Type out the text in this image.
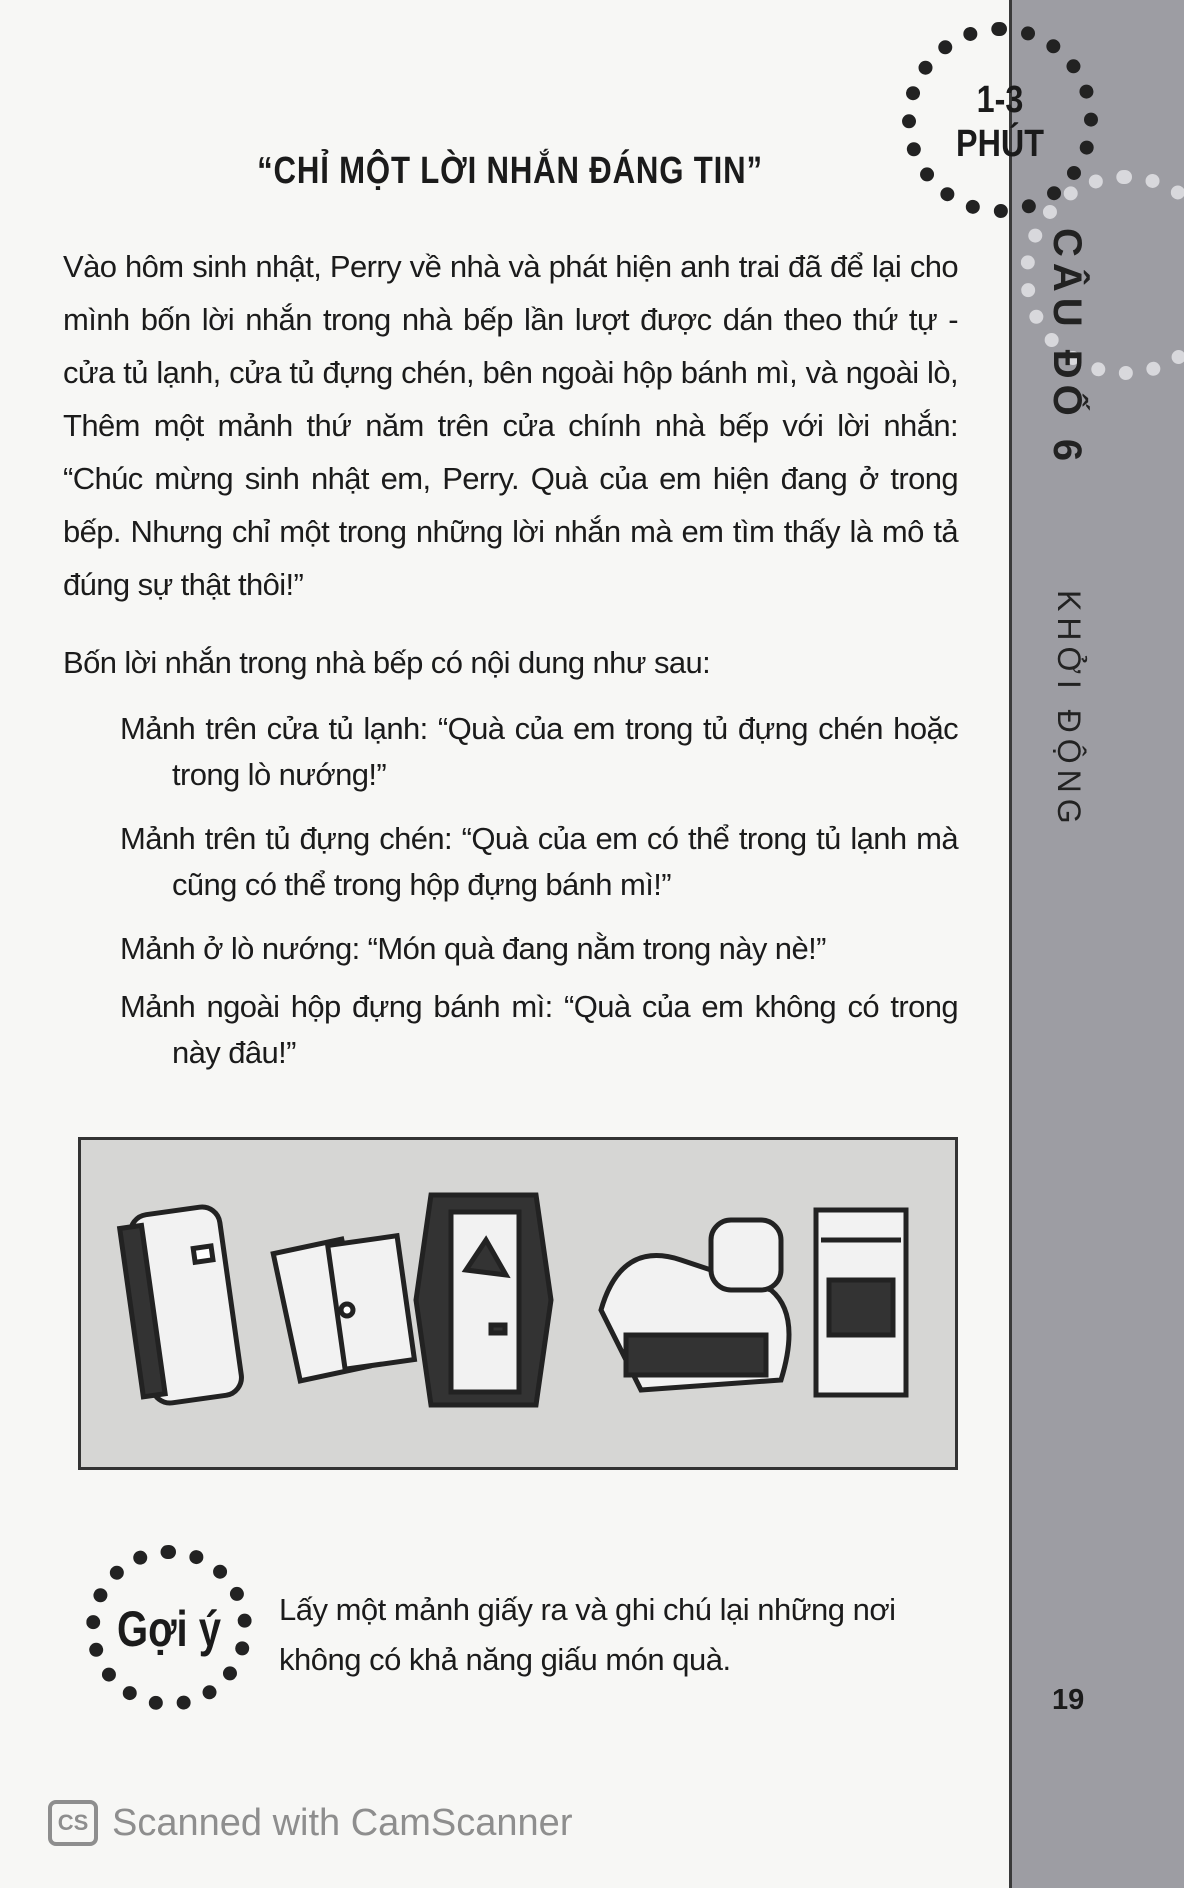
1-3
PHÚT
CÂU ĐỐ 6
KHỞI ĐỘNG
“CHỈ MỘT LỜI NHẮN ĐÁNG TIN”
Vào hôm sinh nhật, Perry về nhà và phát hiện anh trai đã để lại cho mình bốn lời nhắn trong nhà bếp lần lượt được dán theo thứ tự - cửa tủ lạnh, cửa tủ đựng chén, bên ngoài hộp bánh mì, và ngoài lò, Thêm một mảnh thứ năm trên cửa chính nhà bếp với lời nhắn: “Chúc mừng sinh nhật em, Perry. Quà của em hiện đang ở trong bếp. Nhưng chỉ một trong những lời nhắn mà em tìm thấy là mô tả đúng sự thật thôi!”
Bốn lời nhắn trong nhà bếp có nội dung như sau:
Mảnh trên cửa tủ lạnh: “Quà của em trong tủ đựng chén hoặc trong lò nướng!”
Mảnh trên tủ đựng chén: “Quà của em có thể trong tủ lạnh mà cũng có thể trong hộp đựng bánh mì!”
Mảnh ở lò nướng: “Món quà đang nằm trong này nè!”
Mảnh ngoài hộp đựng bánh mì: “Quà của em không có trong này đâu!”
Gợi ý	Lấy một mảnh giấy ra và ghi chú lại những nơi không có khả năng giấu món quà.
19
CS Scanned with CamScanner
